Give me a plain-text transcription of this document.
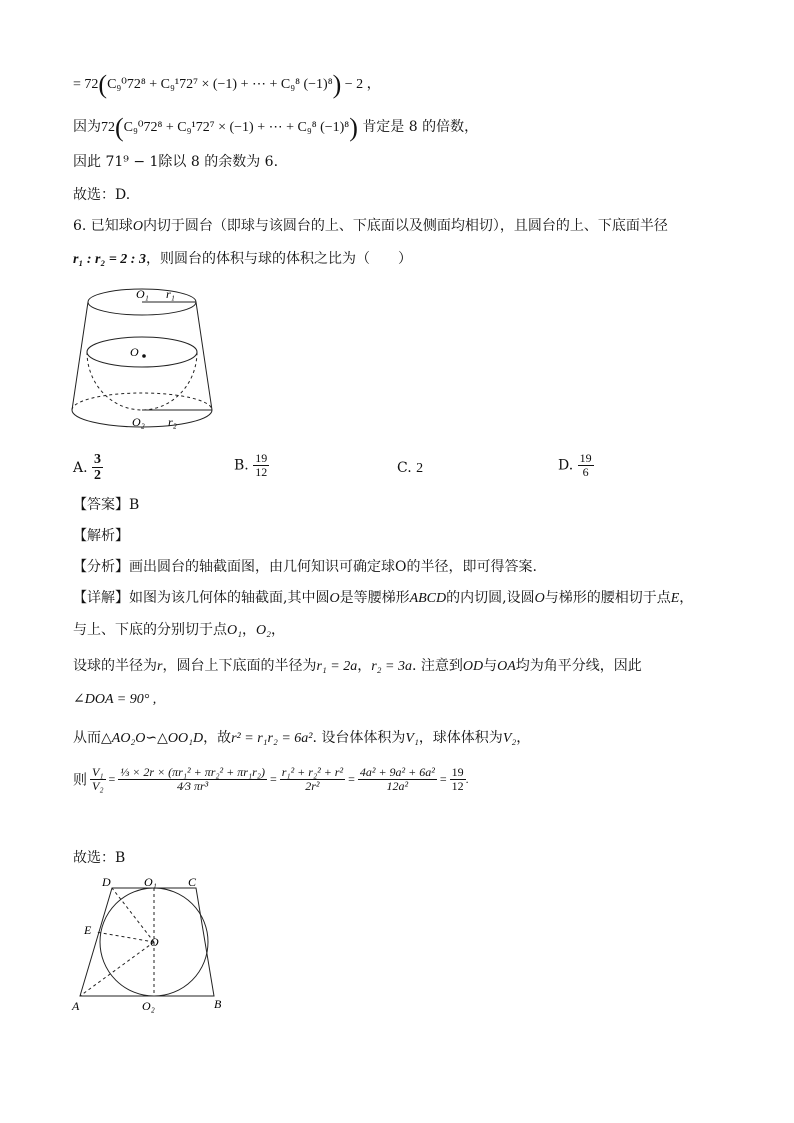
= 72(C₉⁰72⁸ + C₉¹72⁷ × (−1) + ⋯ + C₉⁸ (−1)⁸) − 2 ，
因为72(C₉⁰72⁸ + C₉¹72⁷ × (−1) + ⋯ + C₉⁸ (−1)⁸) 肯定是 8 的倍数，
因此 71⁹ − 1除以 8 的余数为 6.
故选：D.
6. 已知球O内切于圆台（即球与该圆台的上、下底面以及侧面均相切），且圆台的上、下底面半径
r₁ : r₂ = 2 : 3，则圆台的体积与球的体积之比为（　　）
O₁ r₁
O
O₂ r₂
A. $\frac{3}{2}$	B. $\frac{19}{12}$	C. 2	D. $\frac{19}{6}$
【答案】B
【解析】
【分析】画出圆台的轴截面图，由几何知识可确定球O的半径，即可得答案.
【详解】如图为该几何体的轴截面,其中圆O是等腰梯形ABCD的内切圆,设圆O与梯形的腰相切于点E，
与上、下底的分别切于点O₁，O₂，
设球的半径为r，圆台上下底面的半径为r₁ = 2a，r₂ = 3a. 注意到OD与OA均为角平分线，因此
∠DOA = 90° ,
从而△AO₂O∽△OO₁D，故r² = r₁r₂ = 6a². 设台体体积为V₁，球体体积为V₂，
则 $\frac{\text{V₁}}{\text{V₂}} = \frac{\text{⅓ × 2r × (πr₁² + πr₂² + πr₁r₂)}}{\text{4⁄3 πr³}} = \frac{\text{r₁² + r₂² + r²}}{\text{2r²}} = \frac{\text{4a² + 9a² + 6a²}}{\text{12a²}} = \frac{19}{12}$ .
故选：B
D	O₁	C
E
O
A	O₂	B
